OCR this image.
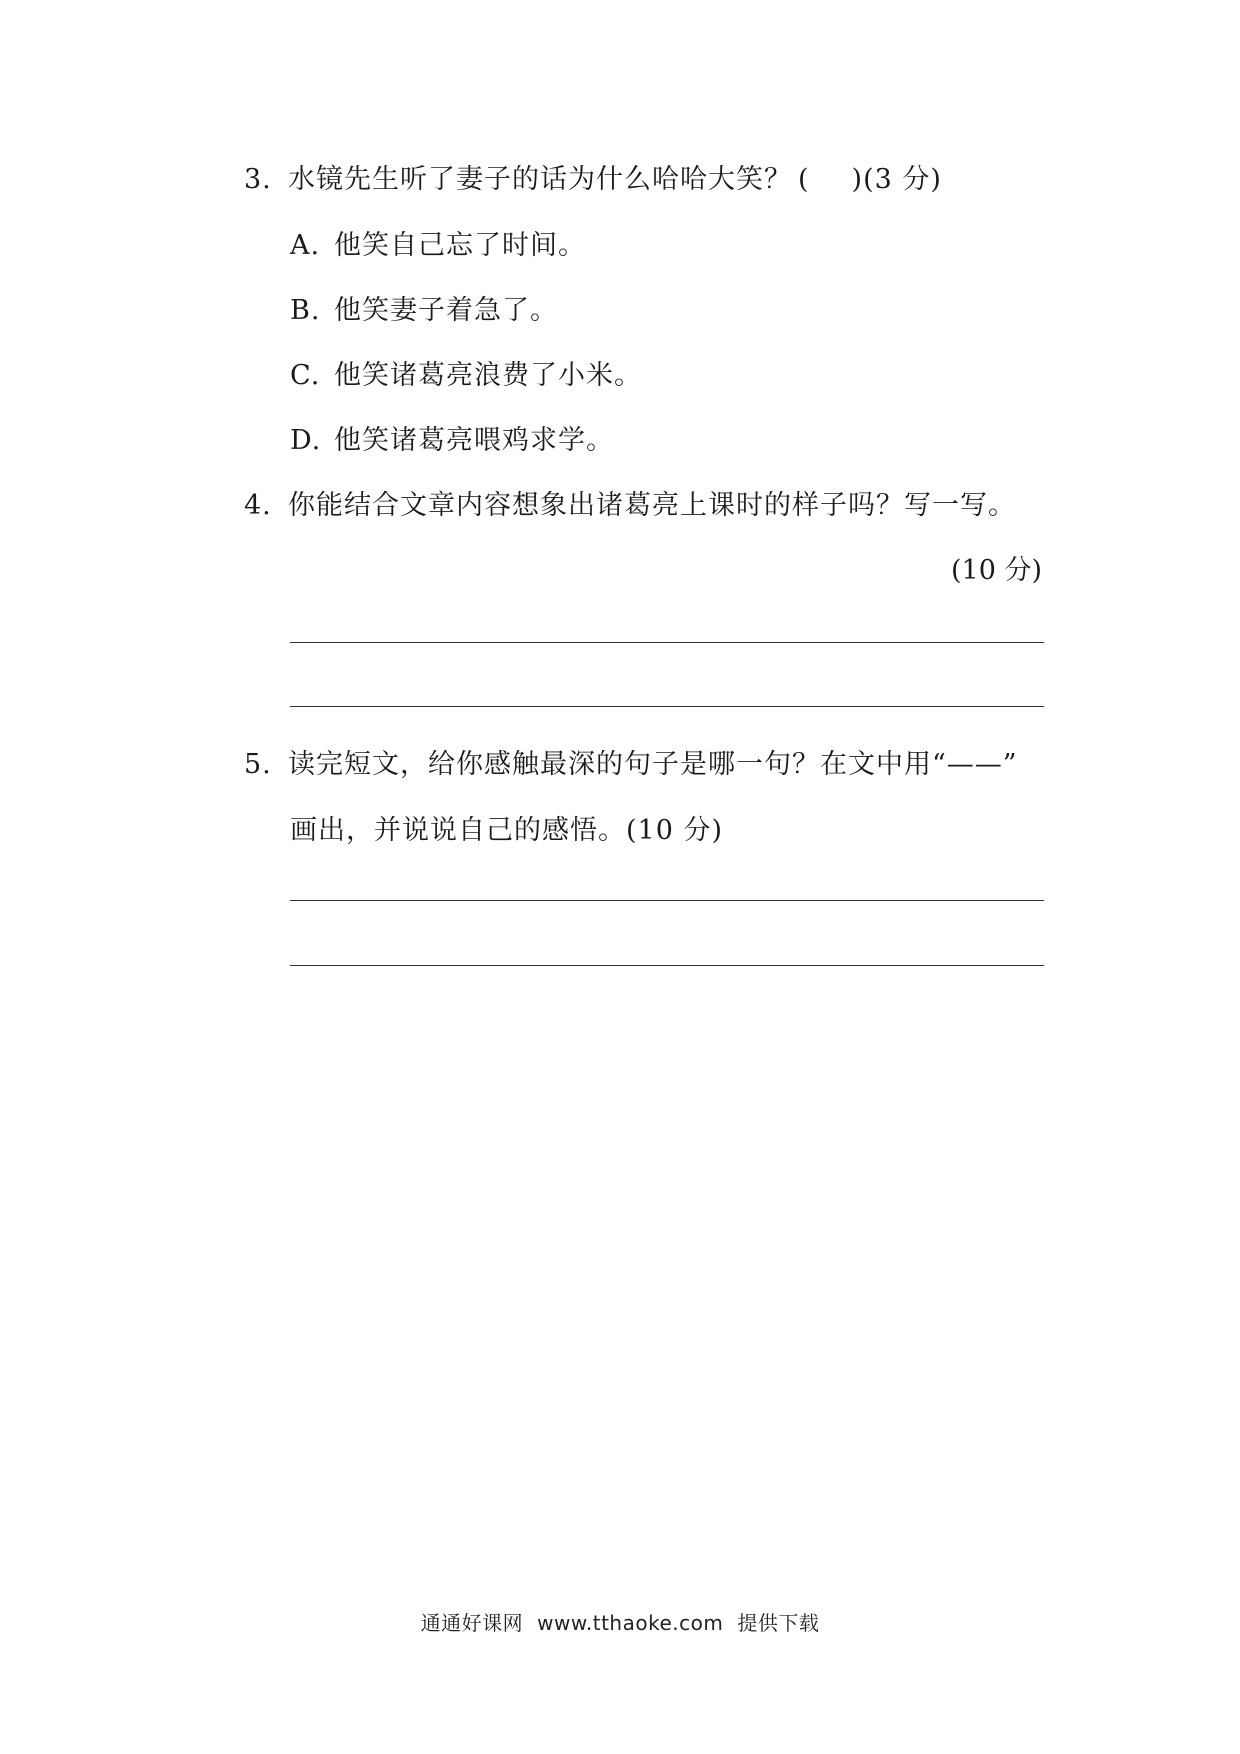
3. 水镜先生听了妻子的话为什么哈哈大笑？ ( )(3 分)
A. 他笑自己忘了时间。
B. 他笑妻子着急了。
C. 他笑诸葛亮浪费了小米。
D. 他笑诸葛亮喂鸡求学。
4. 你能结合文章内容想象出诸葛亮上课时的样子吗？写一写。
(10 分)
5. 读完短文，给你感触最深的句子是哪一句？在文中用“——”
画出，并说说自己的感悟。(10 分)
通通好课网 www.tthaoke.com 提供下载
